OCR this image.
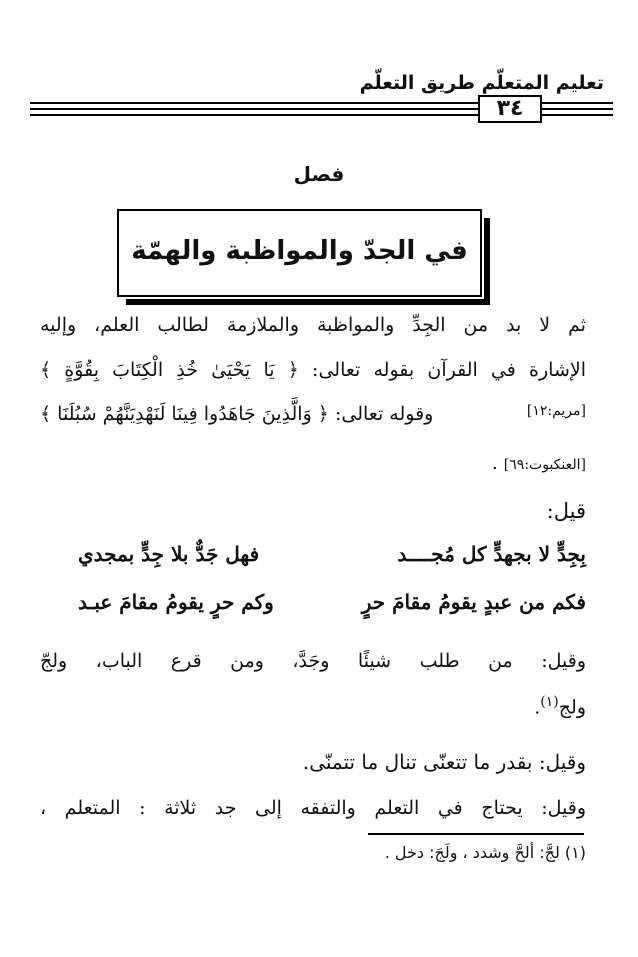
تعليم المتعلّم طريق التعلّم
٣٤
فصل
في الجدّ والمواظبة والهمّة
ثم لا بد من الجِدِّ والمواظبة والملازمة لطالب العلم، وإليه
الإشارة في القرآن بقوله تعالى: ﴿ يَا يَحْيَىٰ خُذِ الْكِتَابَ بِقُوَّةٍ ﴾
[مريم:١٢]
وقوله تعالى: ﴿ وَالَّذِينَ جَاهَدُوا فِينَا لَنَهْدِيَنَّهُمْ سُبُلَنَا ﴾
[العنكبوت:٦٩] .
قيل:
بِجِدٍّ لا بجهدٍّ كل مُجــــد
فهل جَدٌّ بلا جِدٍّ بمجدي
فكم من عبدٍ يقومُ مقامَ حرٍ
وكم حرٍ يقومُ مقامَ عبـد
وقيل: من طلب شيئًا وجَدَّ، ومن قرع الباب، ولجّ
ولج$^{(١)}$.
وقيل: بقدر ما تتعنّى تنال ما تتمنّى.
وقيل: يحتاج في التعلم والتفقه إلى جد ثلاثة : المتعلم ،
(١) لجَّ: ألحَّ وشدد ، ولَجَ: دخل .
